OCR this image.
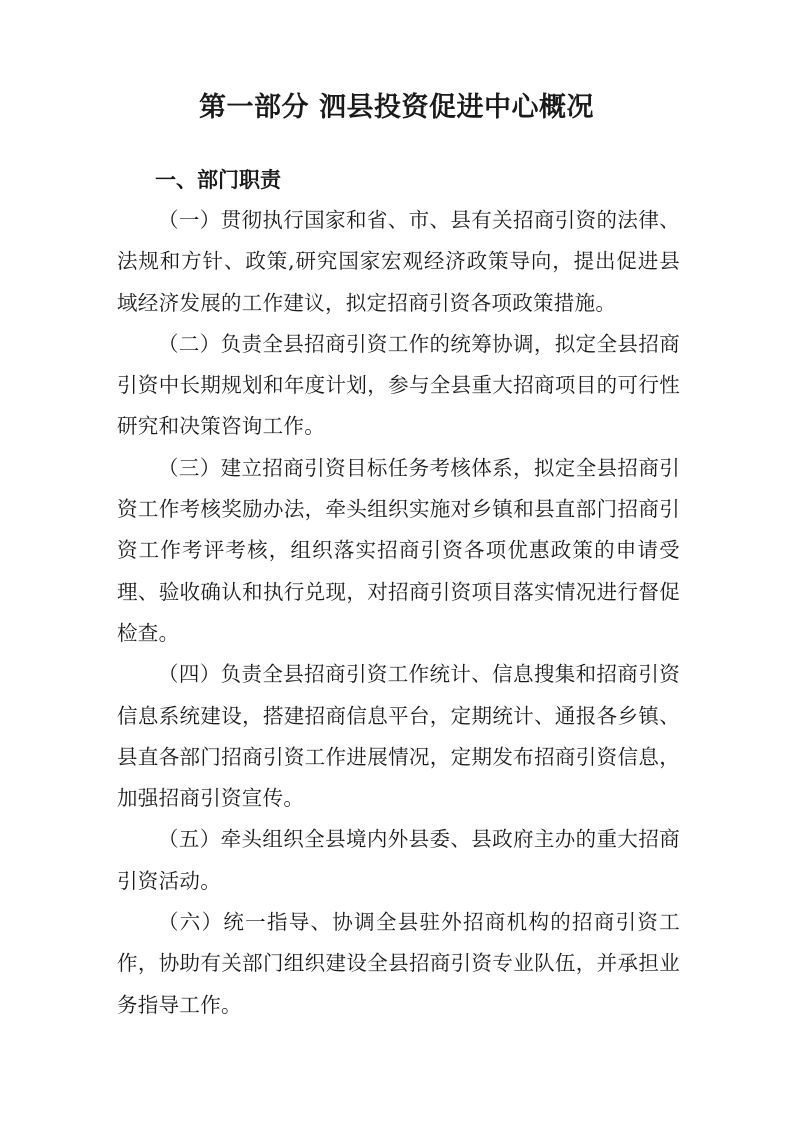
第一部分 泗县投资促进中心概况
一、部门职责

（一）贯彻执行国家和省、市、县有关招商引资的法律、法规和方针、政策,研究国家宏观经济政策导向，提出促进县域经济发展的工作建议，拟定招商引资各项政策措施。

（二）负责全县招商引资工作的统筹协调，拟定全县招商引资中长期规划和年度计划，参与全县重大招商项目的可行性研究和决策咨询工作。

（三）建立招商引资目标任务考核体系，拟定全县招商引资工作考核奖励办法，牵头组织实施对乡镇和县直部门招商引资工作考评考核，组织落实招商引资各项优惠政策的申请受理、验收确认和执行兑现，对招商引资项目落实情况进行督促检查。

（四）负责全县招商引资工作统计、信息搜集和招商引资信息系统建设，搭建招商信息平台，定期统计、通报各乡镇、县直各部门招商引资工作进展情况，定期发布招商引资信息，加强招商引资宣传。

（五）牵头组织全县境内外县委、县政府主办的重大招商引资活动。

（六）统一指导、协调全县驻外招商机构的招商引资工作，协助有关部门组织建设全县招商引资专业队伍，并承担业务指导工作。
